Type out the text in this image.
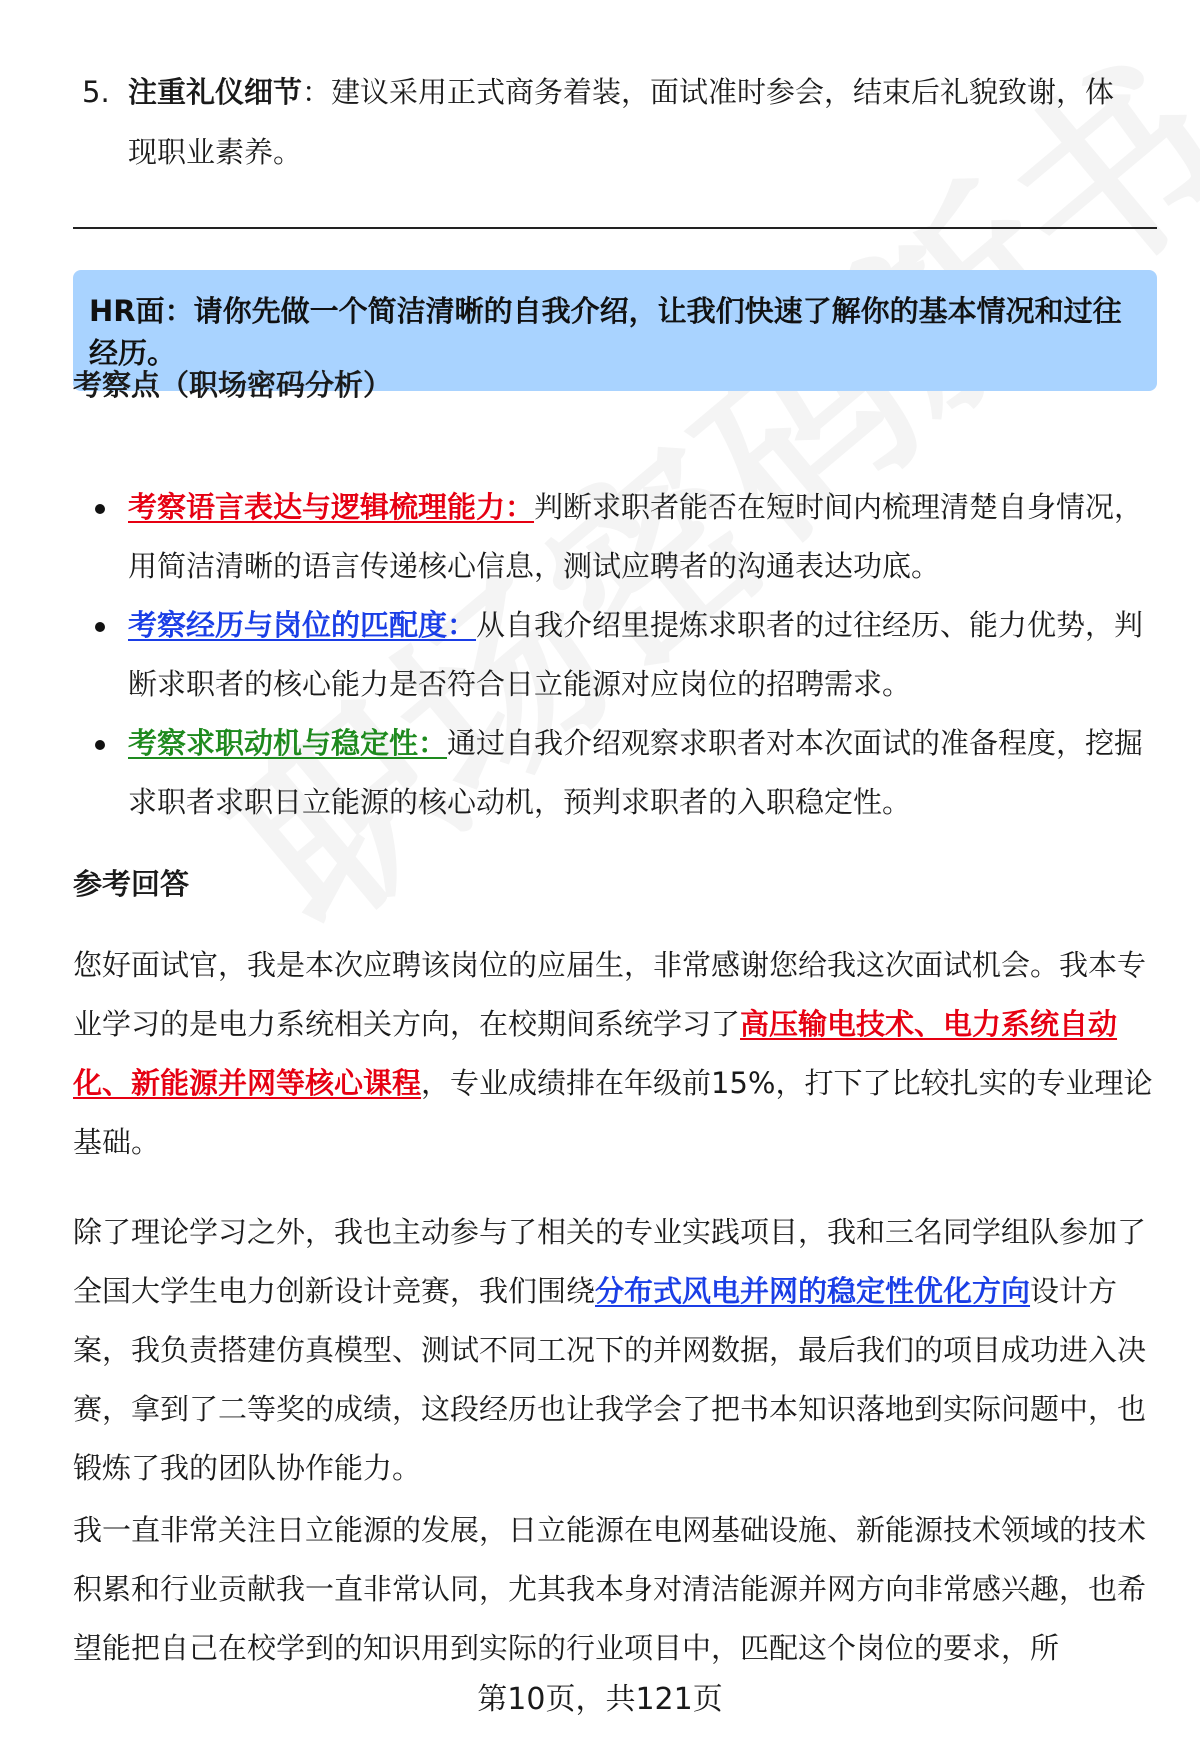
5. 注重礼仪细节：建议采用正式商务着装，面试准时参会，结束后礼貌致谢，体现职业素养。
HR面：请你先做一个简洁清晰的自我介绍，让我们快速了解你的基本情况和过往经历。
考察点（职场密码分析）
考察语言表达与逻辑梳理能力：判断求职者能否在短时间内梳理清楚自身情况，用简洁清晰的语言传递核心信息，测试应聘者的沟通表达功底。
考察经历与岗位的匹配度：从自我介绍里提炼求职者的过往经历、能力优势，判断求职者的核心能力是否符合日立能源对应岗位的招聘需求。
考察求职动机与稳定性：通过自我介绍观察求职者对本次面试的准备程度，挖掘求职者求职日立能源的核心动机，预判求职者的入职稳定性。
参考回答
您好面试官，我是本次应聘该岗位的应届生，非常感谢您给我这次面试机会。我本专业学习的是电力系统相关方向，在校期间系统学习了高压输电技术、电力系统自动化、新能源并网等核心课程，专业成绩排在年级前15%，打下了比较扎实的专业理论基础。
除了理论学习之外，我也主动参与了相关的专业实践项目，我和三名同学组队参加了全国大学生电力创新设计竞赛，我们围绕分布式风电并网的稳定性优化方向设计方案，我负责搭建仿真模型、测试不同工况下的并网数据，最后我们的项目成功进入决赛，拿到了二等奖的成绩，这段经历也让我学会了把书本知识落地到实际问题中，也锻炼了我的团队协作能力。
我一直非常关注日立能源的发展，日立能源在电网基础设施、新能源技术领域的技术积累和行业贡献我一直非常认同，尤其我本身对清洁能源并网方向非常感兴趣，也希望能把自己在校学到的知识用到实际的行业项目中，匹配这个岗位的要求，所
第10页，共121页
